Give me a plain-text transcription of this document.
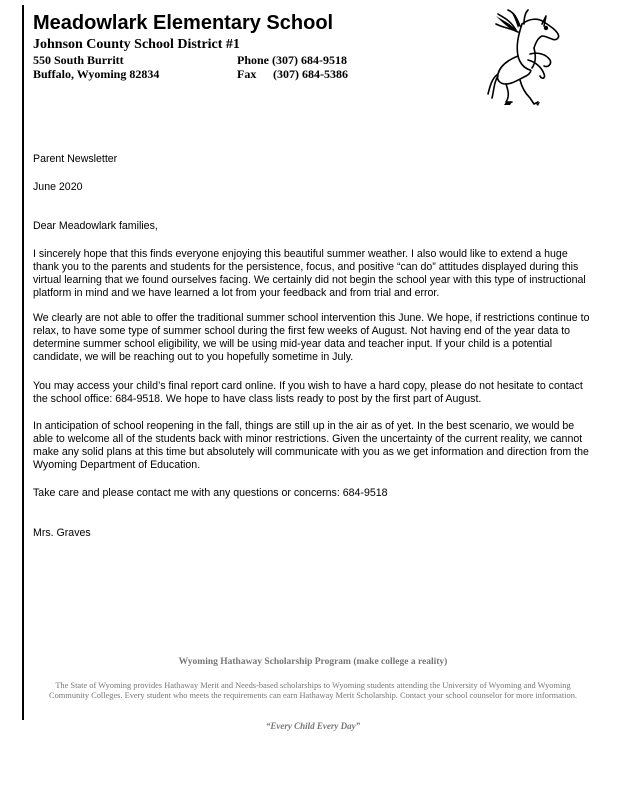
Meadowlark Elementary School
Johnson County School District #1
550 South Burritt
Buffalo, Wyoming 82834
Phone (307) 684-9518
Fax (307) 684-5386
Parent Newsletter
June 2020
Dear Meadowlark families,
I sincerely hope that this finds everyone enjoying this beautiful summer weather. I also would like to extend a huge thank you to the parents and students for the persistence, focus, and positive “can do” attitudes displayed during this virtual learning that we found ourselves facing. We certainly did not begin the school year with this type of instructional platform in mind and we have learned a lot from your feedback and from trial and error.
We clearly are not able to offer the traditional summer school intervention this June. We hope, if restrictions continue to relax, to have some type of summer school during the first few weeks of August. Not having end of the year data to determine summer school eligibility, we will be using mid-year data and teacher input. If your child is a potential candidate, we will be reaching out to you hopefully sometime in July.
You may access your child’s final report card online. If you wish to have a hard copy, please do not hesitate to contact the school office: 684-9518. We hope to have class lists ready to post by the first part of August.
In anticipation of school reopening in the fall, things are still up in the air as of yet. In the best scenario, we would be able to welcome all of the students back with minor restrictions. Given the uncertainty of the current reality, we cannot make any solid plans at this time but absolutely will communicate with you as we get information and direction from the Wyoming Department of Education.
Take care and please contact me with any questions or concerns: 684-9518
Mrs. Graves
Wyoming Hathaway Scholarship Program (make college a reality)
The State of Wyoming provides Hathaway Merit and Needs-based scholarships to Wyoming students attending the University of Wyoming and Wyoming Community Colleges. Every student who meets the requirements can earn Hathaway Merit Scholarship. Contact your school counselor for more information.
“Every Child Every Day”
